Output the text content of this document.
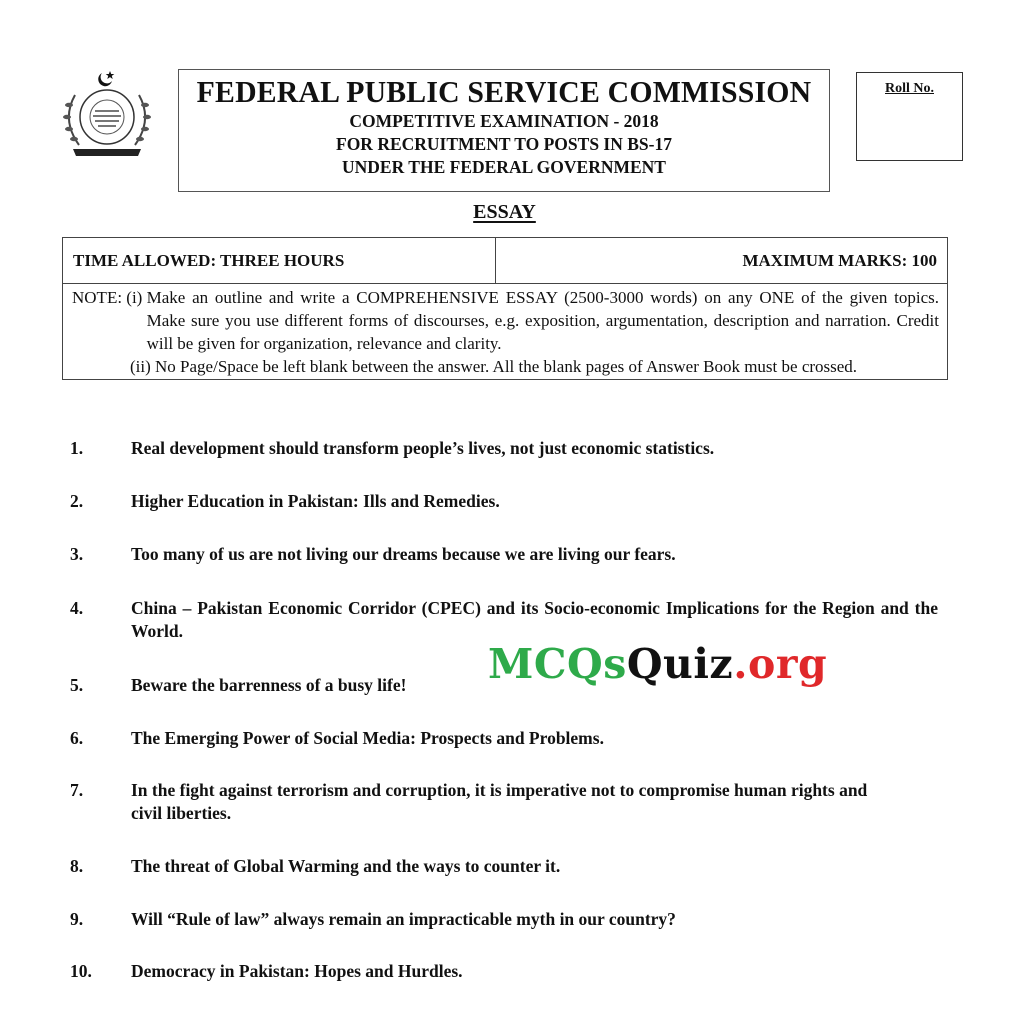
FEDERAL PUBLIC SERVICE COMMISSION
COMPETITIVE EXAMINATION - 2018
FOR RECRUITMENT TO POSTS IN BS-17
UNDER THE FEDERAL GOVERNMENT
Roll No.
ESSAY
TIME ALLOWED: THREE HOURS	MAXIMUM MARKS: 100

NOTE: (i) Make an outline and write a COMPREHENSIVE ESSAY (2500-3000 words) on any ONE of the given topics. Make sure you use different forms of discourses, e.g. exposition, argumentation, description and narration. Credit will be given for organization, relevance and clarity.
(ii) No Page/Space be left blank between the answer. All the blank pages of Answer Book must be crossed.
1.	Real development should transform people’s lives, not just economic statistics.
2.	Higher Education in Pakistan: Ills and Remedies.
3.	Too many of us are not living our dreams because we are living our fears.
4.	China – Pakistan Economic Corridor (CPEC) and its Socio-economic Implications for the Region and the World.
5.	Beware the barrenness of a busy life!
6.	The Emerging Power of Social Media: Prospects and Problems.
7.	In the fight against terrorism and corruption, it is imperative not to compromise human rights and civil liberties.
8.	The threat of Global Warming and the ways to counter it.
9.	Will “Rule of law” always remain an impracticable myth in our country?
10.	Democracy in Pakistan: Hopes and Hurdles.
MCQsQuiz.org
